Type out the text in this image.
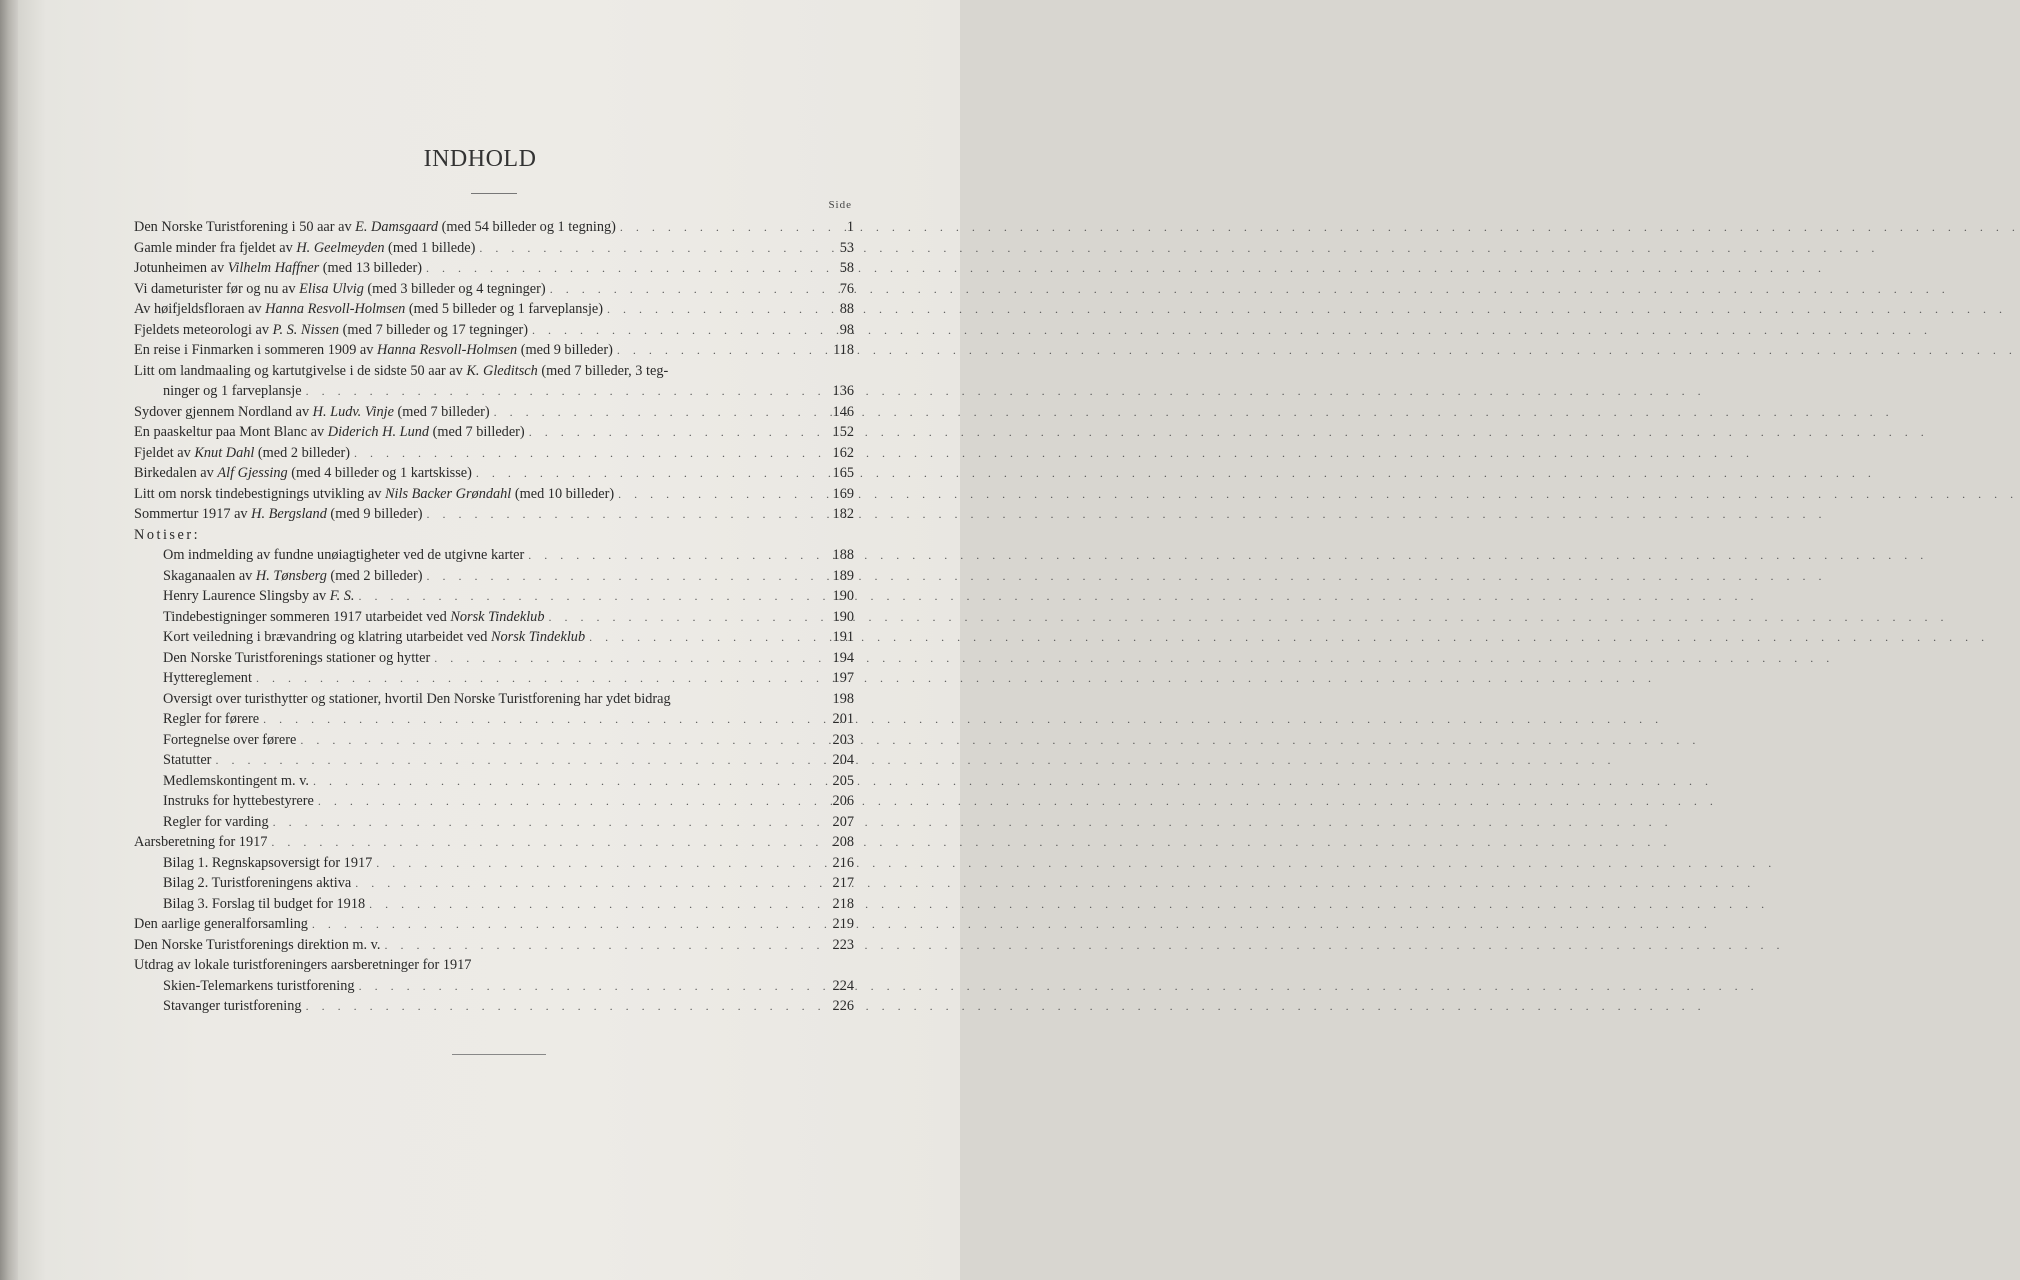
INDHOLD
Side
Den Norske Turistforening i 50 aar av E. Damsgaard (med 54 billeder og 1 tegning) . . .	1
Gamle minder fra fjeldet av H. Geelmeyden (med 1 billede) . . .	53
Jotunheimen av Vilhelm Haffner (med 13 billeder) . . .	58
Vi dameturister før og nu av Elisa Ulvig (med 3 billeder og 4 tegninger) . . .	76
Av høifjeldsfloraen av Hanna Resvoll-Holmsen (med 5 billeder og 1 farveplansje) . . .	88
Fjeldets meteorologi av P. S. Nissen (med 7 billeder og 17 tegninger) . . .	98
En reise i Finmarken i sommeren 1909 av Hanna Resvoll-Holmsen (med 9 billeder) . . .	118
Litt om landmaaling og kartutgivelse i de sidste 50 aar av K. Gleditsch (med 7 billeder, 3 teg-
ninger og 1 farveplansje . . .	136
Sydover gjennem Nordland av H. Ludv. Vinje (med 7 billeder) . . .	146
En paaskeltur paa Mont Blanc av Diderich H. Lund (med 7 billeder) . . .	152
Fjeldet av Knut Dahl (med 2 billeder) . . .	162
Birkedalen av Alf Gjessing (med 4 billeder og 1 kartskisse) . . .	165
Litt om norsk tindebestignings utvikling av Nils Backer Grøndahl (med 10 billeder) . . .	169
Sommertur 1917 av H. Bergsland (med 9 billeder) . . .	182
Notiser:
Om indmelding av fundne unøiagtigheter ved de utgivne karter . . .	188
Skaganaalen av H. Tønsberg (med 2 billeder) . . .	189
Henry Laurence Slingsby av F. S. . . .	190
Tindebestigninger sommeren 1917 utarbeidet ved Norsk Tindeklub . . .	190
Kort veiledning i brævandring og klatring utarbeidet ved Norsk Tindeklub . . .	191
Den Norske Turistforenings stationer og hytter . . .	194
Hyttereglement . . .	197
Oversigt over turisthytter og stationer, hvortil Den Norske Turistforening har ydet bidrag	198
Regler for førere . . .	201
Fortegnelse over førere . . .	203
Statutter . . .	204
Medlemskontingent m. v. . . .	205
Instruks for hyttebestyrere . . .	206
Regler for varding . . .	207
Aarsberetning for 1917 . . .	208
Bilag 1. Regnskapsoversigt for 1917 . . .	216
Bilag 2. Turistforeningens aktiva . . .	217
Bilag 3. Forslag til budget for 1918 . . .	218
Den aarlige generalforsamling . . .	219
Den Norske Turistforenings direktion m. v. . . .	223
Utdrag av lokale turistforeningers aarsberetninger for 1917
Skien-Telemarkens turistforening . . .	224
Stavanger turistforening . . .	226
